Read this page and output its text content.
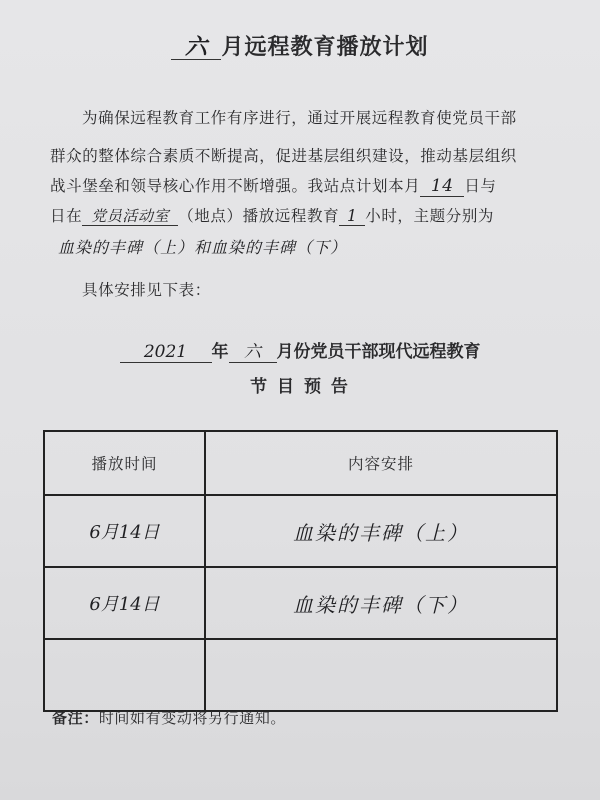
六 月远程教育播放计划
为确保远程教育工作有序进行，通过开展远程教育使党员干部
群众的整体综合素质不断提高，促进基层组织建设，推动基层组织
战斗堡垒和领导核心作用不断增强。我站点计划本月 14 日与
日在 党员活动室 （地点）播放远程教育 1 小时，主题分别为
血染的丰碑（上）和血染的丰碑（下）
具体安排见下表：
2021 年 六 月份党员干部现代远程教育
节 目 预 告
播放时间	内容安排
6月14日	血染的丰碑（上）
6月14日	血染的丰碑（下）

备注：时间如有变动将另行通知。
